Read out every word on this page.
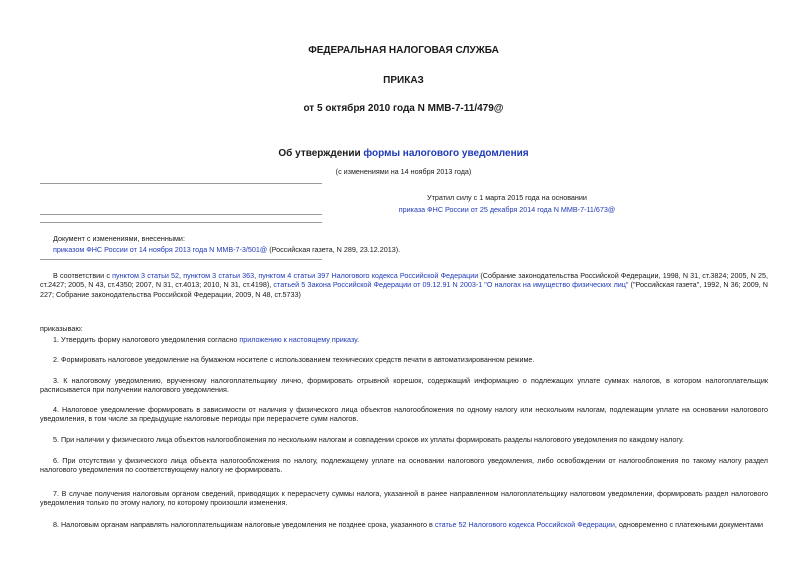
ФЕДЕРАЛЬНАЯ НАЛОГОВАЯ СЛУЖБА
ПРИКАЗ
от 5 октября 2010 года N ММВ-7-11/479@
Об утверждении формы налогового уведомления
(с изменениями на 14 ноября 2013 года)
Утратил силу с 1 марта 2015 года на основании
приказа ФНС России от 25 декабря 2014 года N ММВ-7-11/673@
Документ с изменениями, внесенными:
приказом ФНС России от 14 ноября 2013 года N ММВ-7-3/501@ (Российская газета, N 289, 23.12.2013).
В соответствии с пунктом 3 статьи 52, пунктом 3 статьи 363, пунктом 4 статьи 397 Налогового кодекса Российской Федерации (Собрание законодательства Российской Федерации, 1998, N 31, ст.3824; 2005, N 25, ст.2427; 2005, N 43, ст.4350; 2007, N 31, ст.4013; 2010, N 31, ст.4198), статьей 5 Закона Российской Федерации от 09.12.91 N 2003-1 "О налогах на имущество физических лиц" ("Российская газета", 1992, N 36; 2009, N 227; Собрание законодательства Российской Федерации, 2009, N 48, ст.5733)
приказываю:
1. Утвердить форму налогового уведомления согласно приложению к настоящему приказу.
2. Формировать налоговое уведомление на бумажном носителе с использованием технических средств печати в автоматизированном режиме.
3. К налоговому уведомлению, врученному налогоплательщику лично, формировать отрывной корешок, содержащий информацию о подлежащих уплате суммах налогов, в котором налогоплательщик расписывается при получении налогового уведомления.
4. Налоговое уведомление формировать в зависимости от наличия у физического лица объектов налогообложения по одному налогу или нескольким налогам, подлежащим уплате на основании налогового уведомления, в том числе за предыдущие налоговые периоды при перерасчете сумм налогов.
5. При наличии у физического лица объектов налогообложения по нескольким налогам и совпадении сроков их уплаты формировать разделы налогового уведомления по каждому налогу.
6. При отсутствии у физического лица объекта налогообложения по налогу, подлежащему уплате на основании налогового уведомления, либо освобождении от налогообложения по такому налогу раздел налогового уведомления по соответствующему налогу не формировать.
7. В случае получения налоговым органом сведений, приводящих к перерасчету суммы налога, указанной в ранее направленном налогоплательщику налоговом уведомлении, формировать раздел налогового уведомления только по этому налогу, по которому произошли изменения.
8. Налоговым органам направлять налогоплательщикам налоговые уведомления не позднее срока, указанного в статье 52 Налогового кодекса Российской Федерации, одновременно с платежными документами
